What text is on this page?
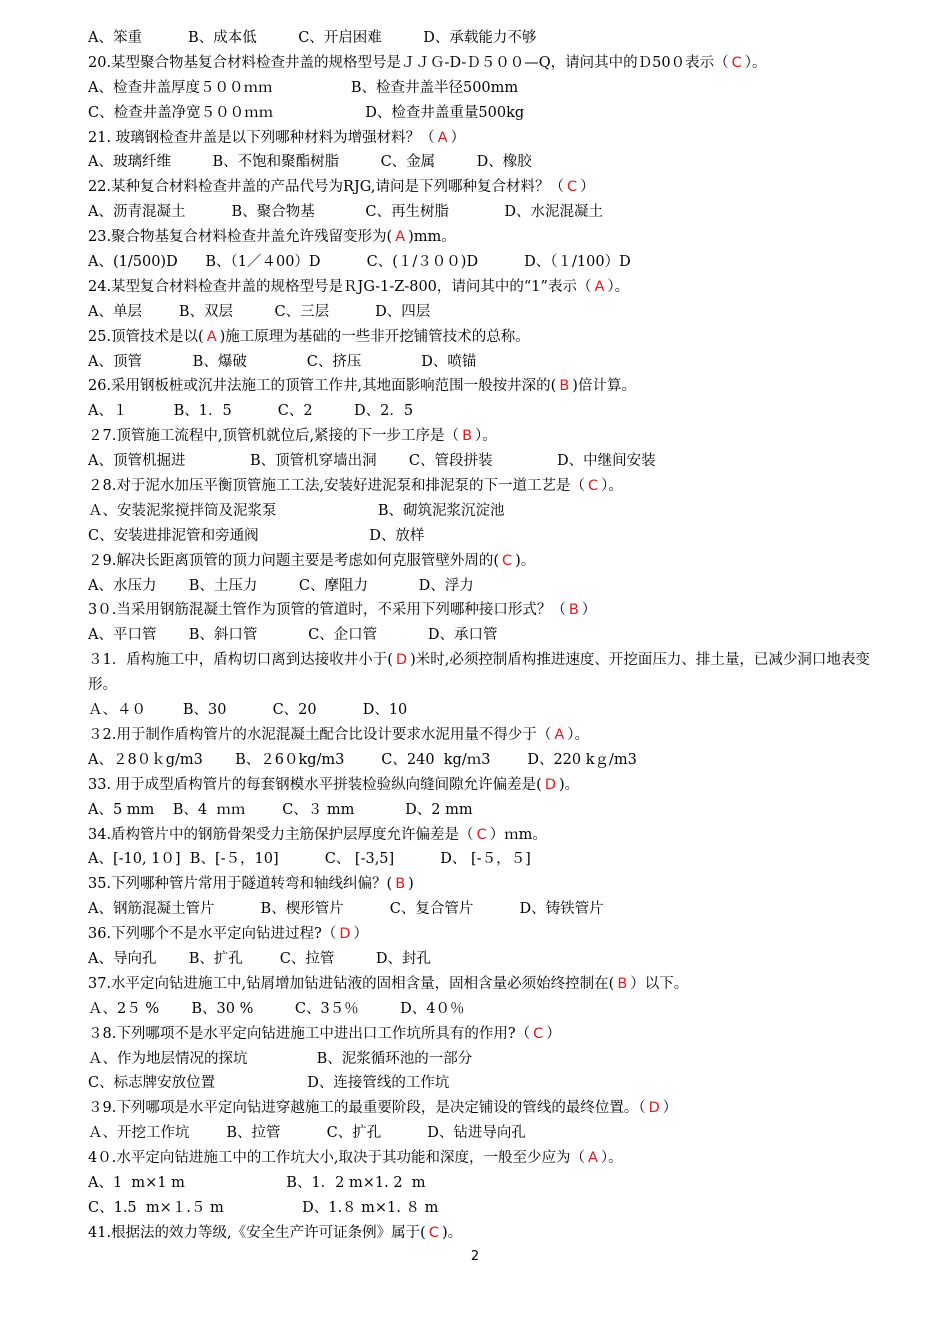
A、笨重          B、成本低         C、开启困难         D、承载能力不够
20.某型聚合物基复合材料检查井盖的规格型号是ＪＪＧ-D-Ｄ５００—Q，请问其中的Ｄ50０表示（ C ）。
A、检查井盖厚度５００ｍｍ                 B、检查井盖半径500mm
C、检查井盖净宽５００ｍｍ                    D、检查井盖重量500kg
21. 玻璃钢检查井盖是以下列哪种材料为增强材料？（ A ）
A、玻璃纤维         B、不饱和聚酯树脂         C、金属         D、橡胶
22.某种复合材料检查井盖的产品代号为RJG,请问是下列哪种复合材料？（ C ）
A、沥青混凝土          B、聚合物基           C、再生树脂            D、水泥混凝土
23.聚合物基复合材料检查井盖允许残留变形为( A )mm。
A、(1/500)D      B、（1／４00）D          C、(１/３００)D          D、（１/100）D
24.某型复合材料检查井盖的规格型号是ＲJG-1-Z-800，请问其中的“1”表示（ A ）。
A、单层        B、双层         C、三层          D、四层
25.顶管技术是以( A )施工原理为基础的一些非开挖铺管技术的总称。
A、顶管           B、爆破             C、挤压             D、喷锚
26.采用钢板桩或沉井法施工的顶管工作井,其地面影响范围一般按井深的( B )倍计算。
A、１          B、1．5          C、2         D、2．5
２7.顶管施工流程中,顶管机就位后,紧接的下一步工序是（ B ）。
A、顶管机掘进              B、顶管机穿墙出洞       C、管段拼装              D、中继间安装
２8.对于泥水加压平衡顶管施工工法,安装好进泥泵和排泥泵的下一道工艺是（ C ）。
Ａ、安装泥浆搅拌筒及泥浆泵                      B、砌筑泥浆沉淀池
C、安装进排泥管和旁通阀                        D、放样
２9.解决长距离顶管的顶力问题主要是考虑如何克服管壁外周的( C )。
A、水压力       B、土压力         C、摩阻力           D、浮力
3０.当采用钢筋混凝土管作为顶管的管道时，不采用下列哪种接口形式？（ B ）
A、平口管       B、斜口管           C、企口管           D、承口管
３1．盾构施工中，盾构切口离到达接收井小于( D )米时,必须控制盾构推进速度、开挖面压力、排土量，已减少洞口地表变形。
Ａ、４０        B、30          C、20          D、10
３2.用于制作盾构管片的水泥混凝土配合比设计要求水泥用量不得少于（ A ）。
A、２8０ｋg/m3       B、２6０kg/m3        C、240  kg/ｍ3        D、220 kｇ/m3
33. 用于成型盾构管片的每套钢模水平拼装检验纵向缝间隙允许偏差是( D )。
A、5 mm    B、4  ｍｍ        C、３ mm           D、2 mm
34.盾构管片中的钢筋骨架受力主筋保护层厚度允许偏差是（ C ）ｍm。
A、[-10, 1０]  B、[-５，10]          C、 [-3,5]          D、 [-５，５]
35.下列哪种管片常用于隧道转弯和轴线纠偏？( B )
A、钢筋混凝土管片          B、楔形管片          C、复合管片          D、铸铁管片
36.下列哪个不是水平定向钻进过程?（ D ）
A、导向孔       B、扩孔        C、拉管         D、封孔
37.水平定向钻进施工中,钻屑增加钻进钻液的固相含量，固相含量必须始终控制在( B ）以下。
Ａ、2５ %       B、30 %         C、3５％         D、4０％
３8.下列哪项不是水平定向钻进施工中进出口工作坑所具有的作用?（ C ）
Ａ、作为地层情况的探坑               B、泥浆循环池的一部分
C、标志牌安放位置                    D、连接管线的工作坑
３9.下列哪项是水平定向钻进穿越施工的最重要阶段，是决定铺设的管线的最终位置。（ D ）
Ａ、开挖工作坑        B、拉管          C、扩孔          D、钻进导向孔
4０.水平定向钻进施工中的工作坑大小,取决于其功能和深度，一般至少应为（ A ）。
A、1  m×1 m                      B、1．2 m×1. 2  m
C、1.5  m×１.５ m                 D、1.８ m×1. ８ m
41.根据法的效力等级,《安全生产许可证条例》属于( C )。
2
